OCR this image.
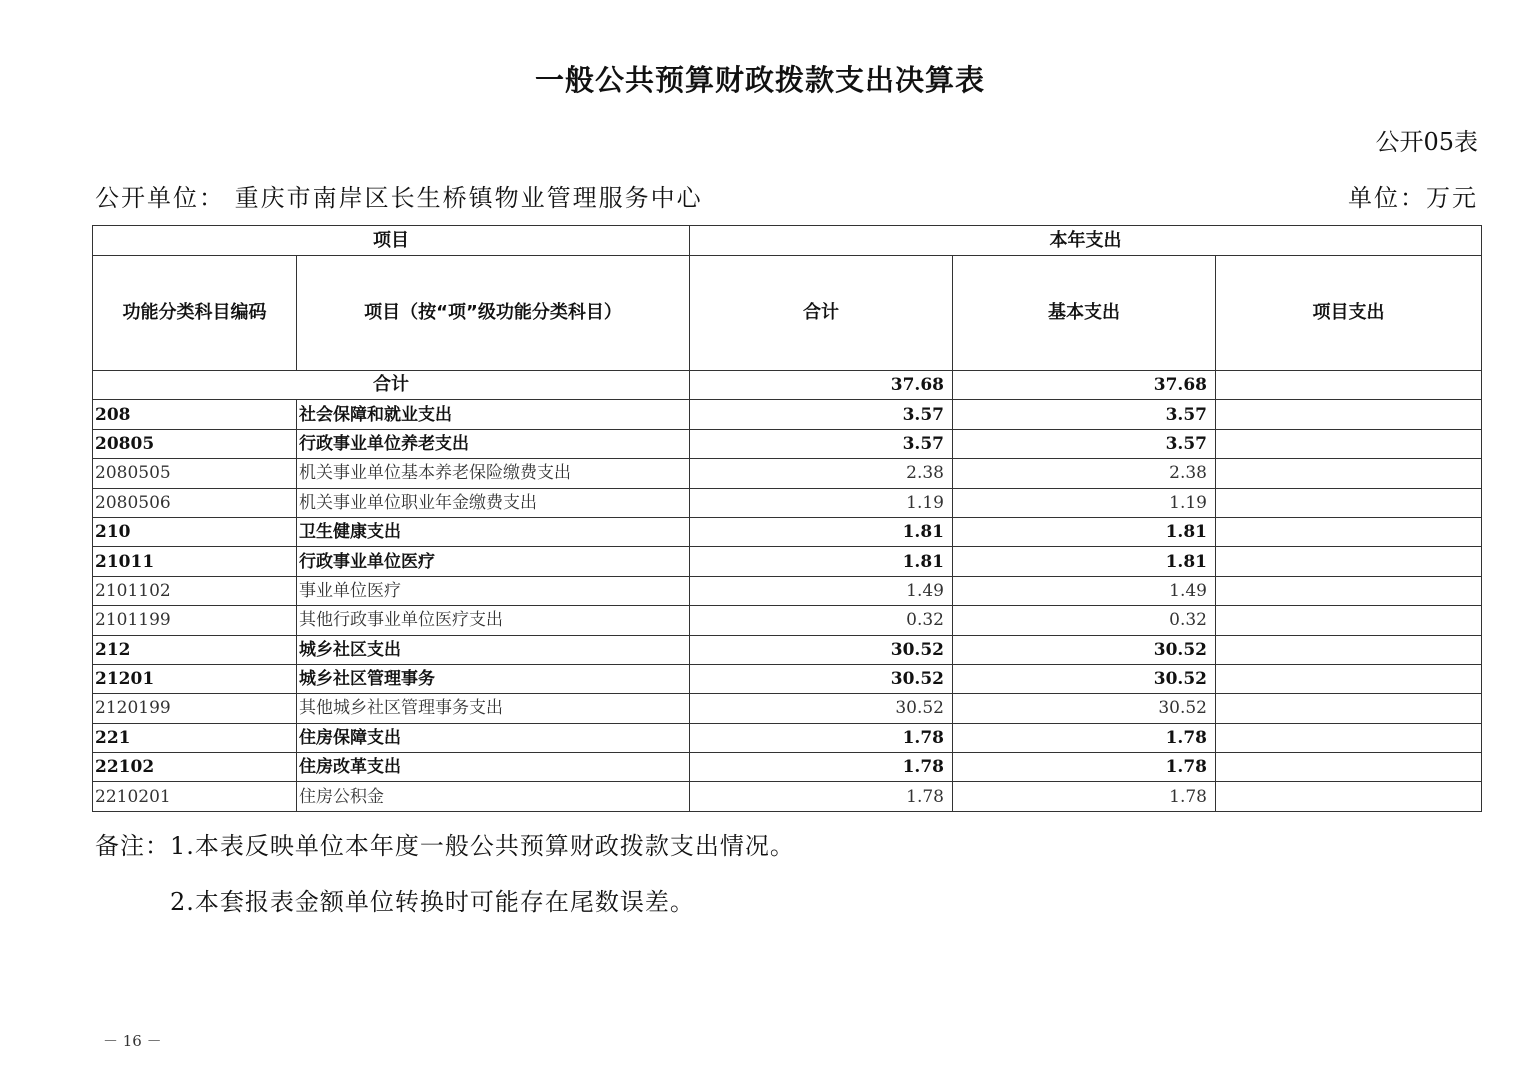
一般公共预算财政拨款支出决算表
公开05表
公开单位： 重庆市南岸区长生桥镇物业管理服务中心	单位：万元
项目		本年支出		
功能分类科目编码	项目（按“项”级功能分类科目）	合计	基本支出	项目支出
合计		37.68	37.68	
208	社会保障和就业支出	3.57	3.57	
20805	行政事业单位养老支出	3.57	3.57	
2080505	机关事业单位基本养老保险缴费支出	2.38	2.38	
2080506	机关事业单位职业年金缴费支出	1.19	1.19	
210	卫生健康支出	1.81	1.81	
21011	行政事业单位医疗	1.81	1.81	
2101102	事业单位医疗	1.49	1.49	
2101199	其他行政事业单位医疗支出	0.32	0.32	
212	城乡社区支出	30.52	30.52	
21201	城乡社区管理事务	30.52	30.52	
2120199	其他城乡社区管理事务支出	30.52	30.52	
221	住房保障支出	1.78	1.78	
22102	住房改革支出	1.78	1.78	
2210201	住房公积金	1.78	1.78	
备注：1.本表反映单位本年度一般公共预算财政拨款支出情况。
2.本套报表金额单位转换时可能存在尾数误差。
－ 16 －
